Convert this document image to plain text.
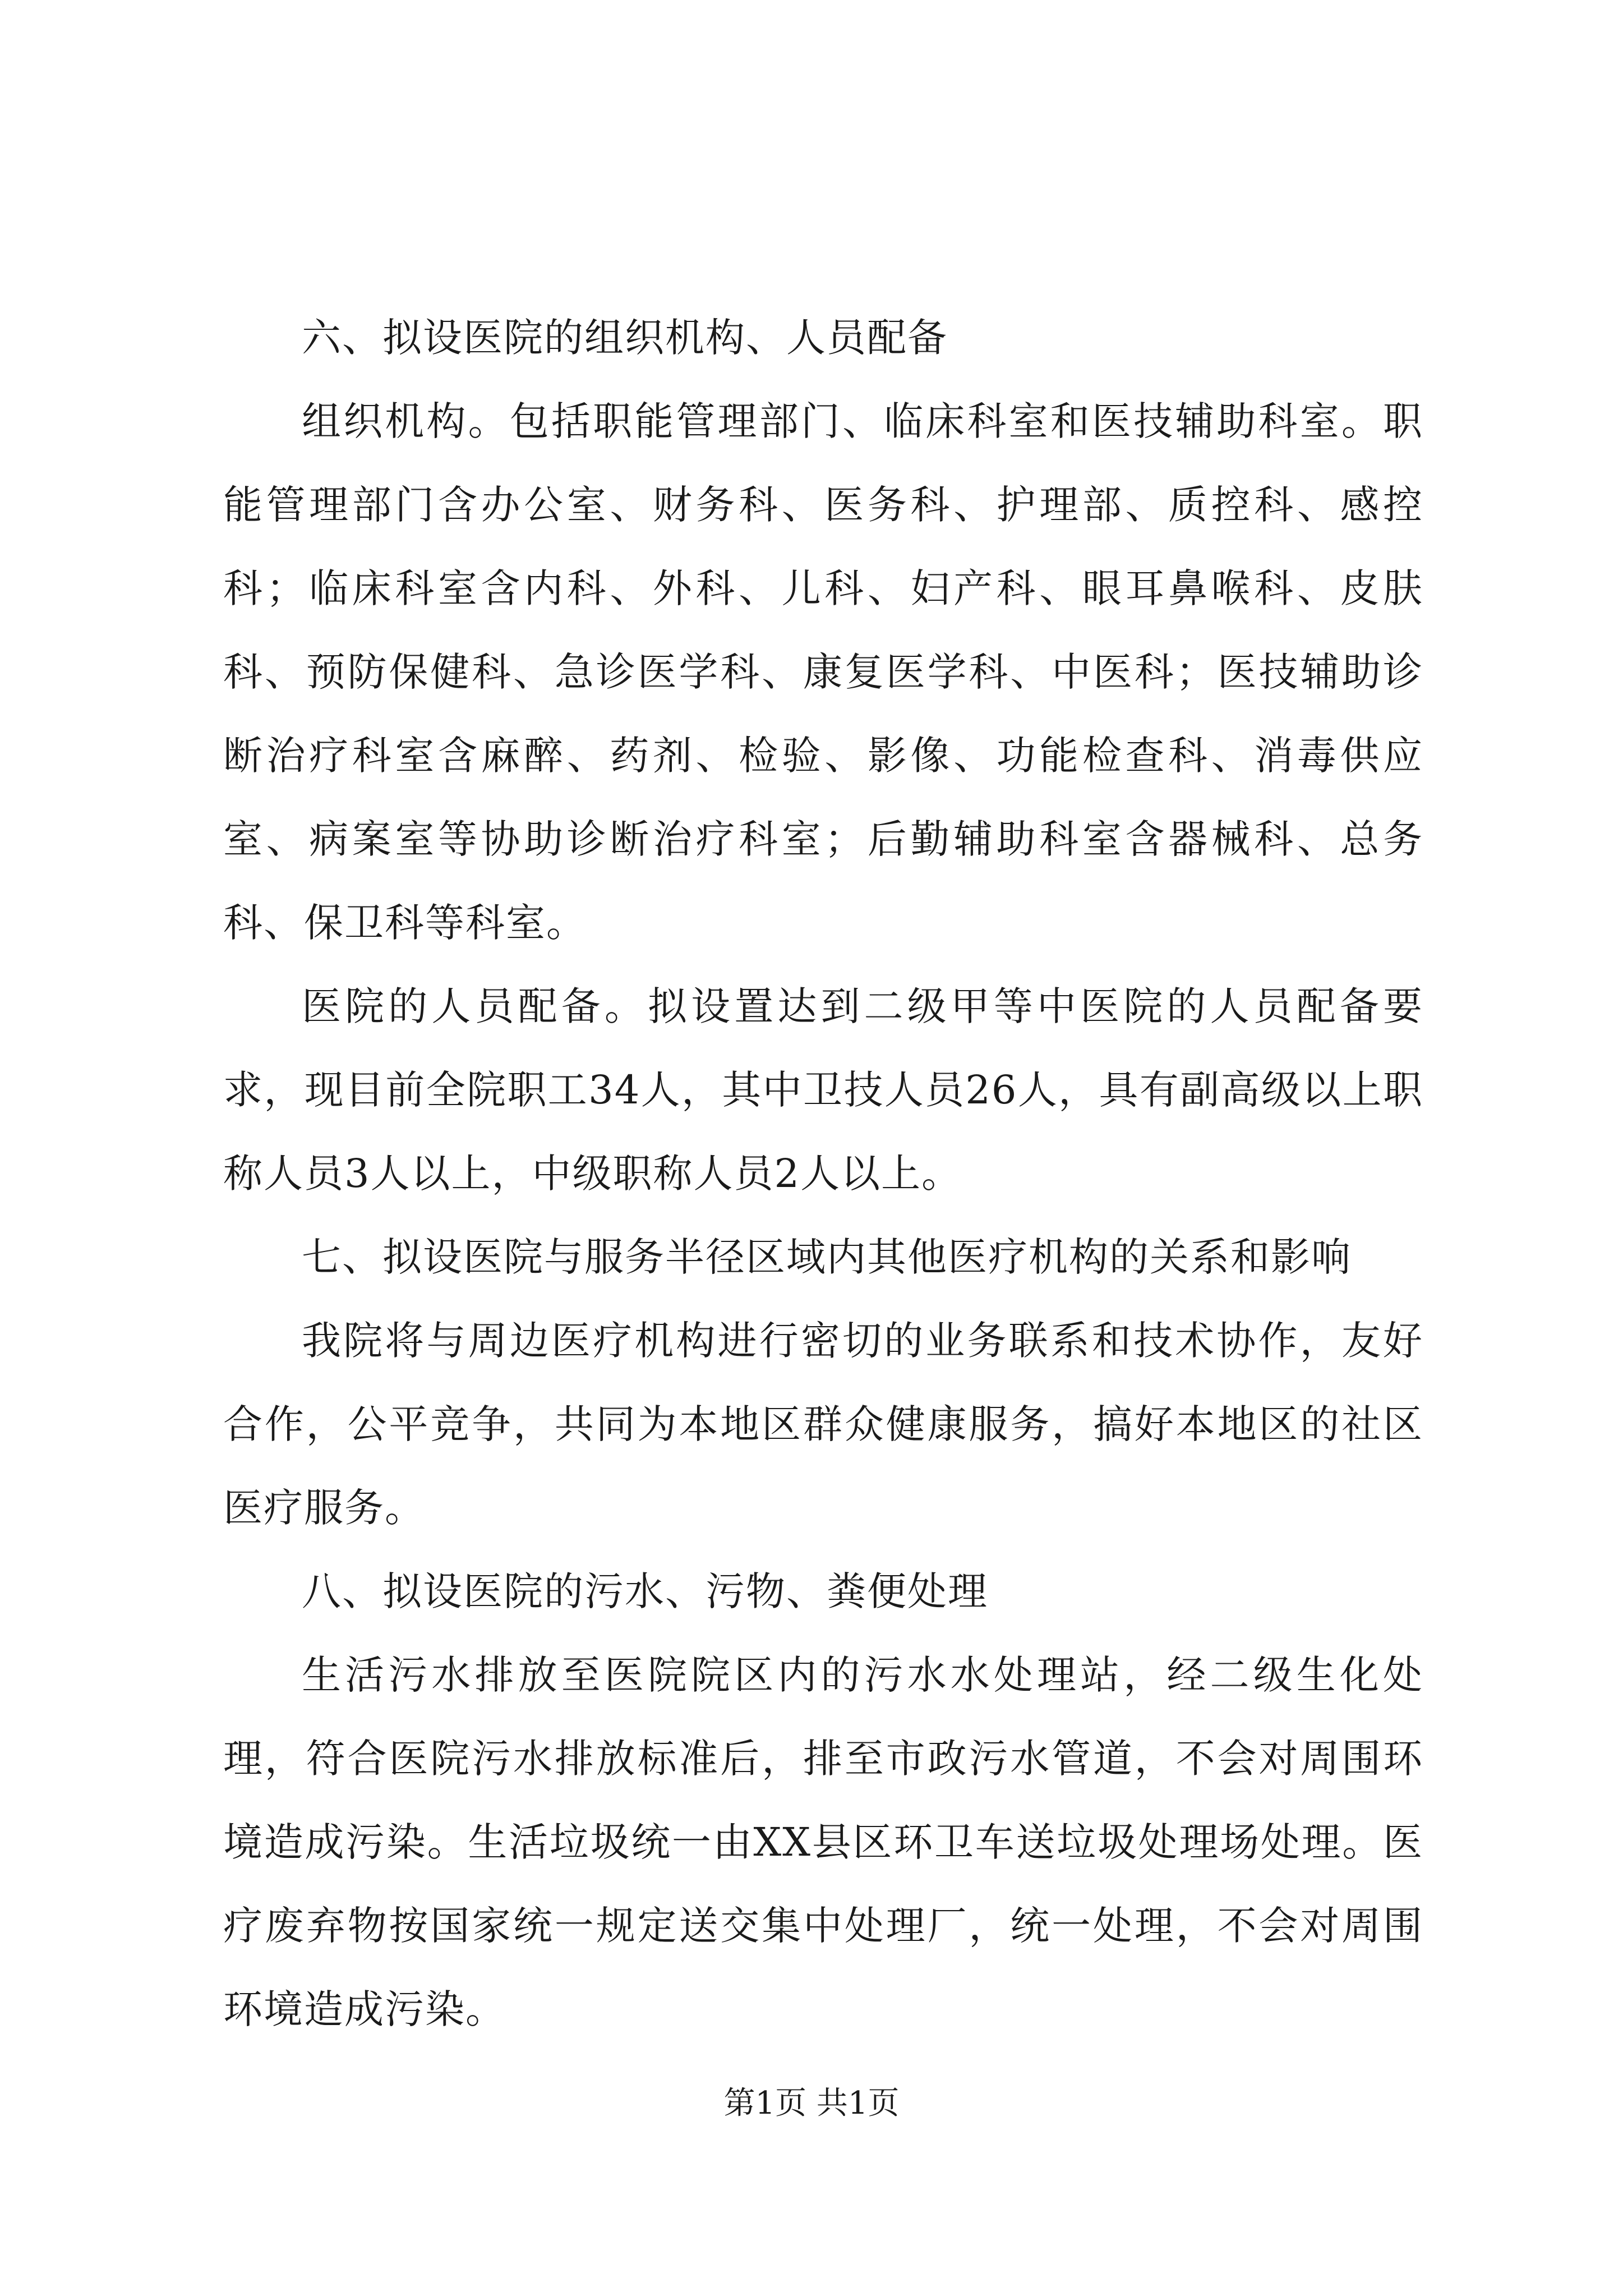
六、拟设医院的组织机构、人员配备

组织机构。包括职能管理部门、临床科室和医技辅助科室。职能管理部门含办公室、财务科、医务科、护理部、质控科、感控科；临床科室含内科、外科、儿科、妇产科、眼耳鼻喉科、皮肤科、预防保健科、急诊医学科、康复医学科、中医科；医技辅助诊断治疗科室含麻醉、药剂、检验、影像、功能检查科、消毒供应室、病案室等协助诊断治疗科室；后勤辅助科室含器械科、总务科、保卫科等科室。

医院的人员配备。拟设置达到二级甲等中医院的人员配备要求，现目前全院职工34人，其中卫技人员26人，具有副高级以上职称人员3人以上，中级职称人员2人以上。

七、拟设医院与服务半径区域内其他医疗机构的关系和影响

我院将与周边医疗机构进行密切的业务联系和技术协作，友好合作，公平竞争，共同为本地区群众健康服务，搞好本地区的社区医疗服务。

八、拟设医院的污水、污物、粪便处理

生活污水排放至医院院区内的污水水处理站，经二级生化处理，符合医院污水排放标准后，排至市政污水管道，不会对周围环境造成污染。生活垃圾统一由XX县区环卫车送垃圾处理场处理。医疗废弃物按国家统一规定送交集中处理厂，统一处理，不会对周围环境造成污染。

第1页 共1页
